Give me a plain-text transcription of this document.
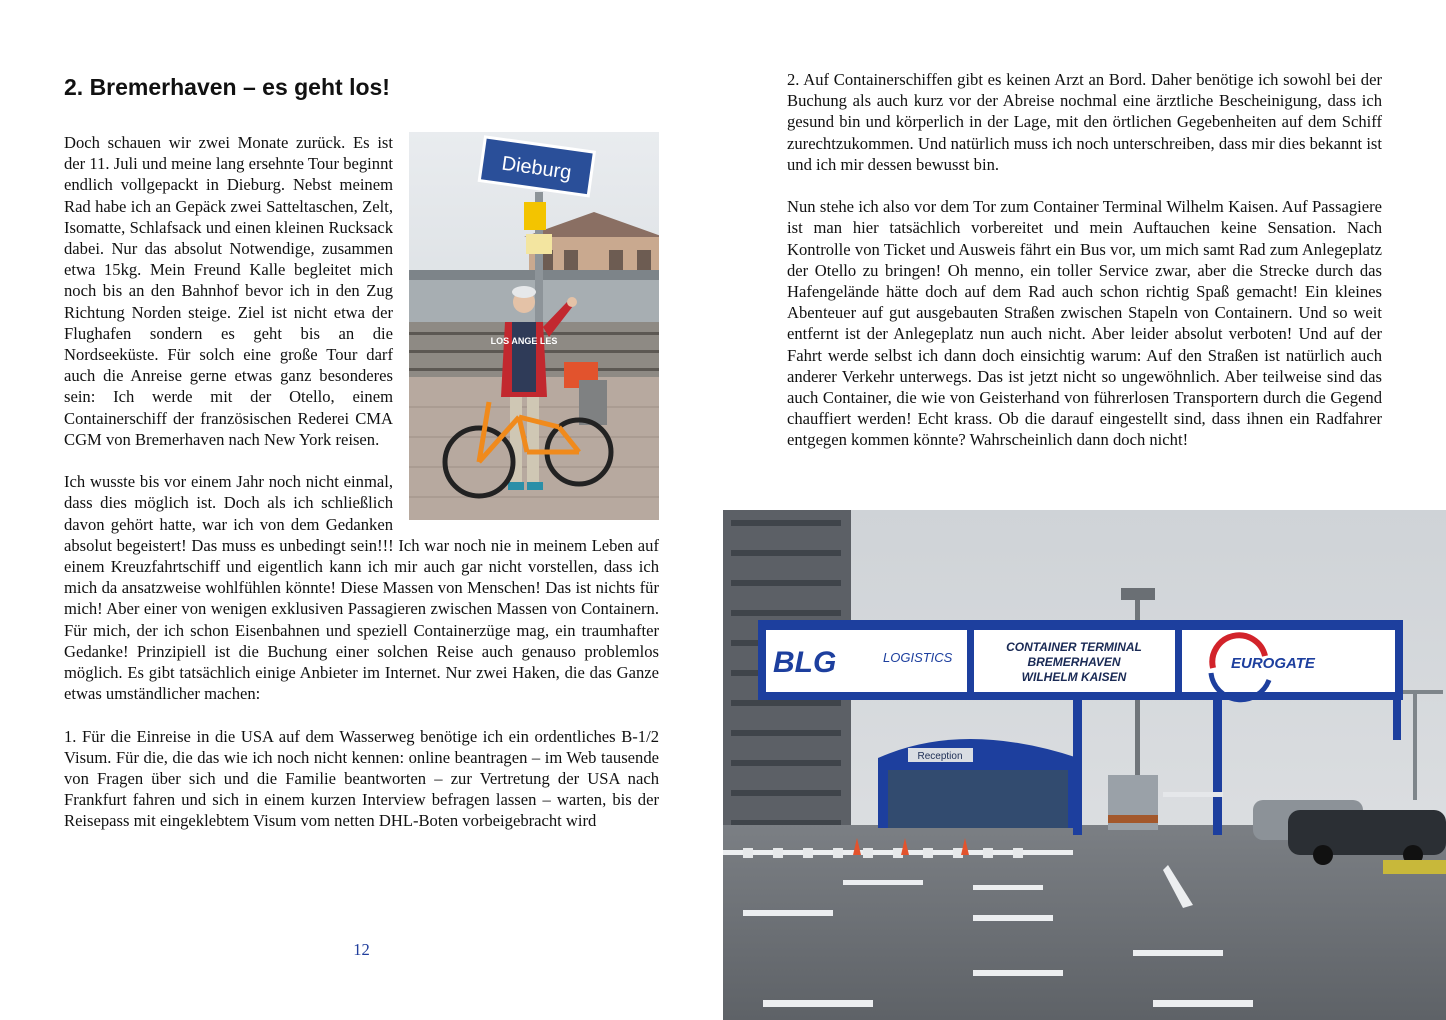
2. Bremerhaven – es geht los!
Dieburg
LOS ANGE LES

Doch schauen wir zwei Monate zurück. Es ist der 11. Juli und meine lang ersehnte Tour beginnt endlich vollgepackt in Dieburg. Nebst meinem Rad habe ich an Gepäck zwei Satteltaschen, Zelt, Isomatte, Schlafsack und einen kleinen Rucksack dabei. Nur das absolut Notwendige, zusammen etwa 15kg. Mein Freund Kalle begleitet mich noch bis an den Bahnhof bevor ich in den Zug Richtung Norden steige. Ziel ist nicht etwa der Flughafen sondern es geht bis an die Nordseeküste. Für solch eine große Tour darf auch die Anreise gerne etwas ganz besonderes sein: Ich werde mit der Otello, einem Containerschiff der französischen Rederei CMA CGM von Bremerhaven nach New York reisen.

Ich wusste bis vor einem Jahr noch nicht einmal, dass dies möglich ist. Doch als ich schließlich davon gehört hatte, war ich von dem Gedanken absolut begeistert! Das muss es unbedingt sein!!! Ich war noch nie in meinem Leben auf einem Kreuzfahrtschiff und eigentlich kann ich mir auch gar nicht vorstellen, dass ich mich da ansatzweise wohlfühlen könnte! Diese Massen von Menschen! Das ist nichts für mich! Aber einer von wenigen exklusiven Passagieren zwischen Massen von Containern. Für mich, der ich schon Eisenbahnen und speziell Containerzüge mag, ein traumhafter Gedanke! Prinzipiell ist die Buchung einer solchen Reise auch genauso problemlos möglich. Es gibt tatsächlich einige Anbieter im Internet. Nur zwei Haken, die das Ganze etwas umständlicher machen:

1. Für die Einreise in die USA auf dem Wasserweg benötige ich ein ordentliches B-1/2 Visum. Für die, die das wie ich noch nicht kennen: online beantragen – im Web tausende von Fragen über sich und die Familie beantworten – zur Vertretung der USA nach Frankfurt fahren und sich in einem kurzen Interview befragen lassen – warten, bis der Reisepass mit eingeklebtem Visum vom netten DHL-Boten vorbeigebracht wird

12

2. Auf Containerschiffen gibt es keinen Arzt an Bord. Daher benötige ich sowohl bei der Buchung als auch kurz vor der Abreise nochmal eine ärztliche Bescheinigung, dass ich gesund bin und körperlich in der Lage, mit den örtlichen Gegebenheiten auf dem Schiff zurechtzukommen. Und natürlich muss ich noch unterschreiben, dass mir dies bekannt ist und ich mir dessen bewusst bin.

Nun stehe ich also vor dem Tor zum Container Terminal Wilhelm Kaisen. Auf Passagiere ist man hier tatsächlich vorbereitet und mein Auftauchen keine Sensation. Nach Kontrolle von Ticket und Ausweis fährt ein Bus vor, um mich samt Rad zum Anlegeplatz der Otello zu bringen! Oh menno, ein toller Service zwar, aber die Strecke durch das Hafengelände hätte doch auf dem Rad auch schon richtig Spaß gemacht! Ein kleines Abenteuer auf gut ausgebauten Straßen zwischen Stapeln von Containern. Und so weit entfernt ist der Anlegeplatz nun auch nicht. Aber leider absolut verboten! Und auf der Fahrt werde selbst ich dann doch einsichtig warum: Auf den Straßen ist natürlich auch anderer Verkehr unterwegs. Das ist jetzt nicht so ungewöhnlich. Aber teilweise sind das auch Container, die wie von Geisterhand von führerlosen Transportern durch die Gegend chauffiert werden! Echt krass. Ob die darauf eingestellt sind, dass ihnen ein Radfahrer entgegen kommen könnte? Wahrscheinlich dann doch nicht!

Reception
BLG	LOGISTICS
CONTAINER TERMINAL
BREMERHAVEN
WILHELM KAISEN
EUROGATE
